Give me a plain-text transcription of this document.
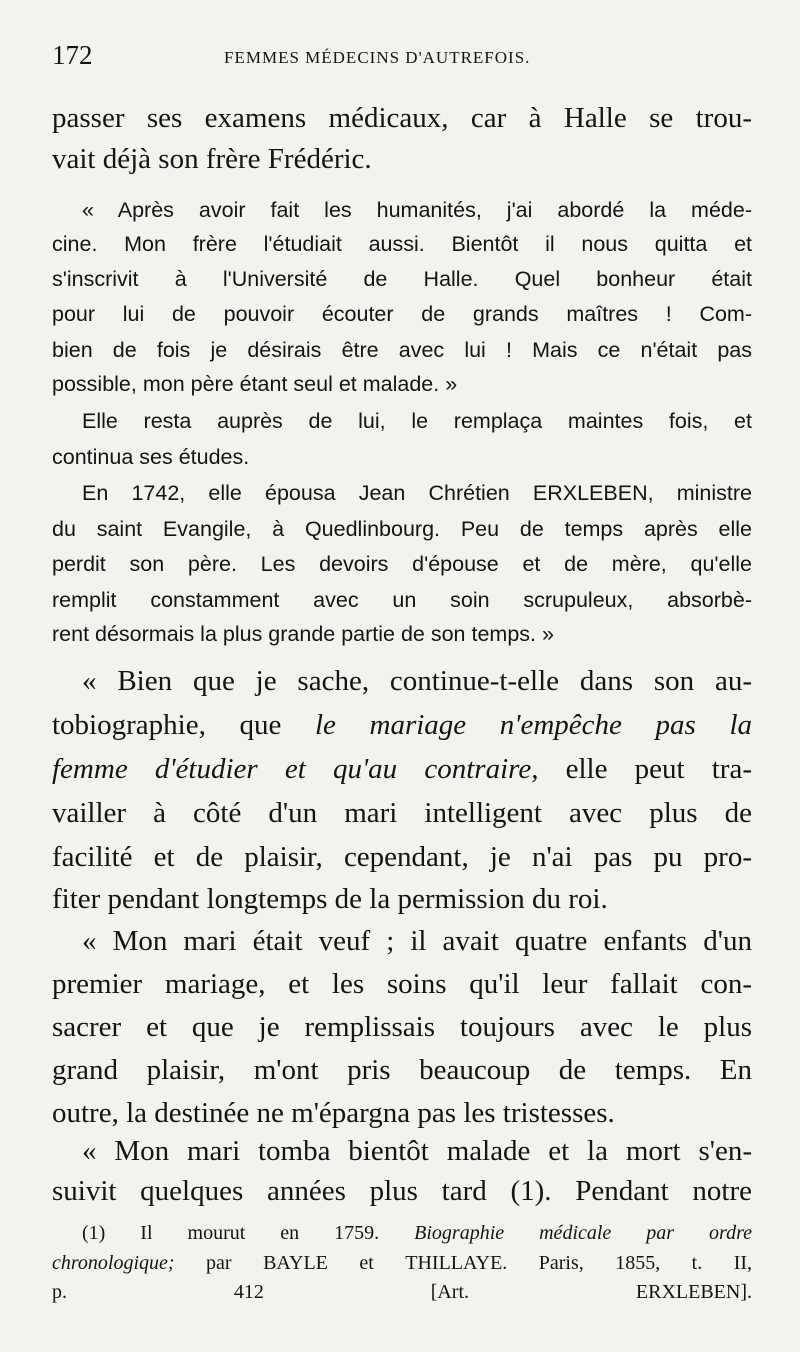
172	FEMMES MÉDECINS D'AUTREFOIS.
passer ses examens médicaux, car à Halle se trou-
vait déjà son frère Frédéric.
« Après avoir fait les humanités, j'ai abordé la méde-
cine. Mon frère l'étudiait aussi. Bientôt il nous quitta et
s'inscrivit à l'Université de Halle. Quel bonheur était
pour lui de pouvoir écouter de grands maîtres ! Com-
bien de fois je désirais être avec lui ! Mais ce n'était pas
possible, mon père étant seul et malade. »
Elle resta auprès de lui, le remplaça maintes fois, et
continua ses études.
En 1742, elle épousa Jean Chrétien ERXLEBEN, ministre
du saint Evangile, à Quedlinbourg. Peu de temps après elle
perdit son père. Les devoirs d'épouse et de mère, qu'elle
remplit constamment avec un soin scrupuleux, absorbè-
rent désormais la plus grande partie de son temps. »
« Bien que je sache, continue-t-elle dans son au-
tobiographie, que le mariage n'empêche pas la
femme d'étudier et qu'au contraire, elle peut tra-
vailler à côté d'un mari intelligent avec plus de
facilité et de plaisir, cependant, je n'ai pas pu pro-
fiter pendant longtemps de la permission du roi.
« Mon mari était veuf ; il avait quatre enfants d'un
premier mariage, et les soins qu'il leur fallait con-
sacrer et que je remplissais toujours avec le plus
grand plaisir, m'ont pris beaucoup de temps. En
outre, la destinée ne m'épargna pas les tristesses.
« Mon mari tomba bientôt malade et la mort s'en-
suivit quelques années plus tard (1). Pendant notre
(1) Il mourut en 1759. Biographie médicale par ordre
chronologique; par BAYLE et THILLAYE. Paris, 1855, t. II,
p. 412 [Art.	ERXLEBEN].
